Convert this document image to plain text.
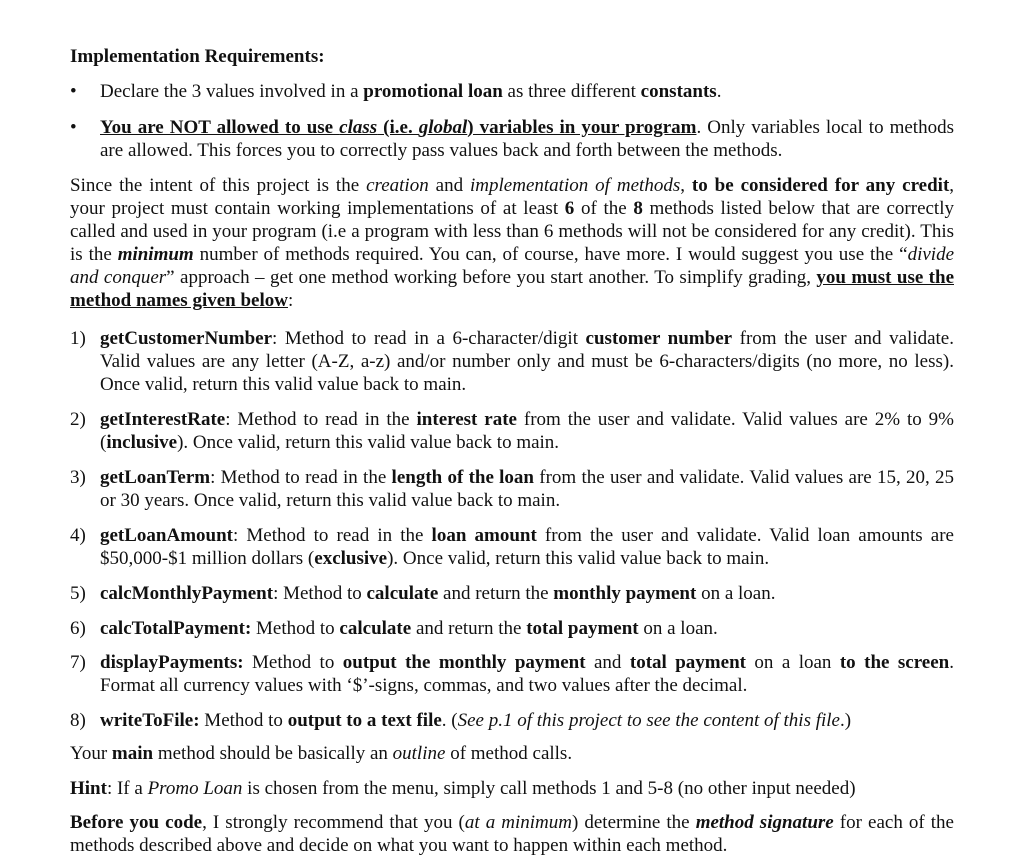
Implementation Requirements:
•	Declare the 3 values involved in a promotional loan as three different constants.
•	You are NOT allowed to use class (i.e. global) variables in your program. Only variables local to methods are allowed. This forces you to correctly pass values back and forth between the methods.
Since the intent of this project is the creation and implementation of methods, to be considered for any credit, your project must contain working implementations of at least 6 of the 8 methods listed below that are correctly called and used in your program (i.e a program with less than 6 methods will not be considered for any credit). This is the minimum number of methods required. You can, of course, have more. I would suggest you use the “divide and conquer” approach – get one method working before you start another. To simplify grading, you must use the method names given below:
1) getCustomerNumber: Method to read in a 6-character/digit customer number from the user and validate. Valid values are any letter (A-Z, a-z) and/or number only and must be 6-characters/digits (no more, no less). Once valid, return this valid value back to main.
2) getInterestRate: Method to read in the interest rate from the user and validate. Valid values are 2% to 9% (inclusive). Once valid, return this valid value back to main.
3) getLoanTerm: Method to read in the length of the loan from the user and validate. Valid values are 15, 20, 25 or 30 years. Once valid, return this valid value back to main.
4) getLoanAmount: Method to read in the loan amount from the user and validate. Valid loan amounts are $50,000-$1 million dollars (exclusive). Once valid, return this valid value back to main.
5) calcMonthlyPayment: Method to calculate and return the monthly payment on a loan.
6) calcTotalPayment: Method to calculate and return the total payment on a loan.
7) displayPayments: Method to output the monthly payment and total payment on a loan to the screen. Format all currency values with ‘$’-signs, commas, and two values after the decimal.
8) writeToFile: Method to output to a text file. (See p.1 of this project to see the content of this file.)
Your main method should be basically an outline of method calls.
Hint: If a Promo Loan is chosen from the menu, simply call methods 1 and 5-8 (no other input needed)
Before you code, I strongly recommend that you (at a minimum) determine the method signature for each of the methods described above and decide on what you want to happen within each method.
